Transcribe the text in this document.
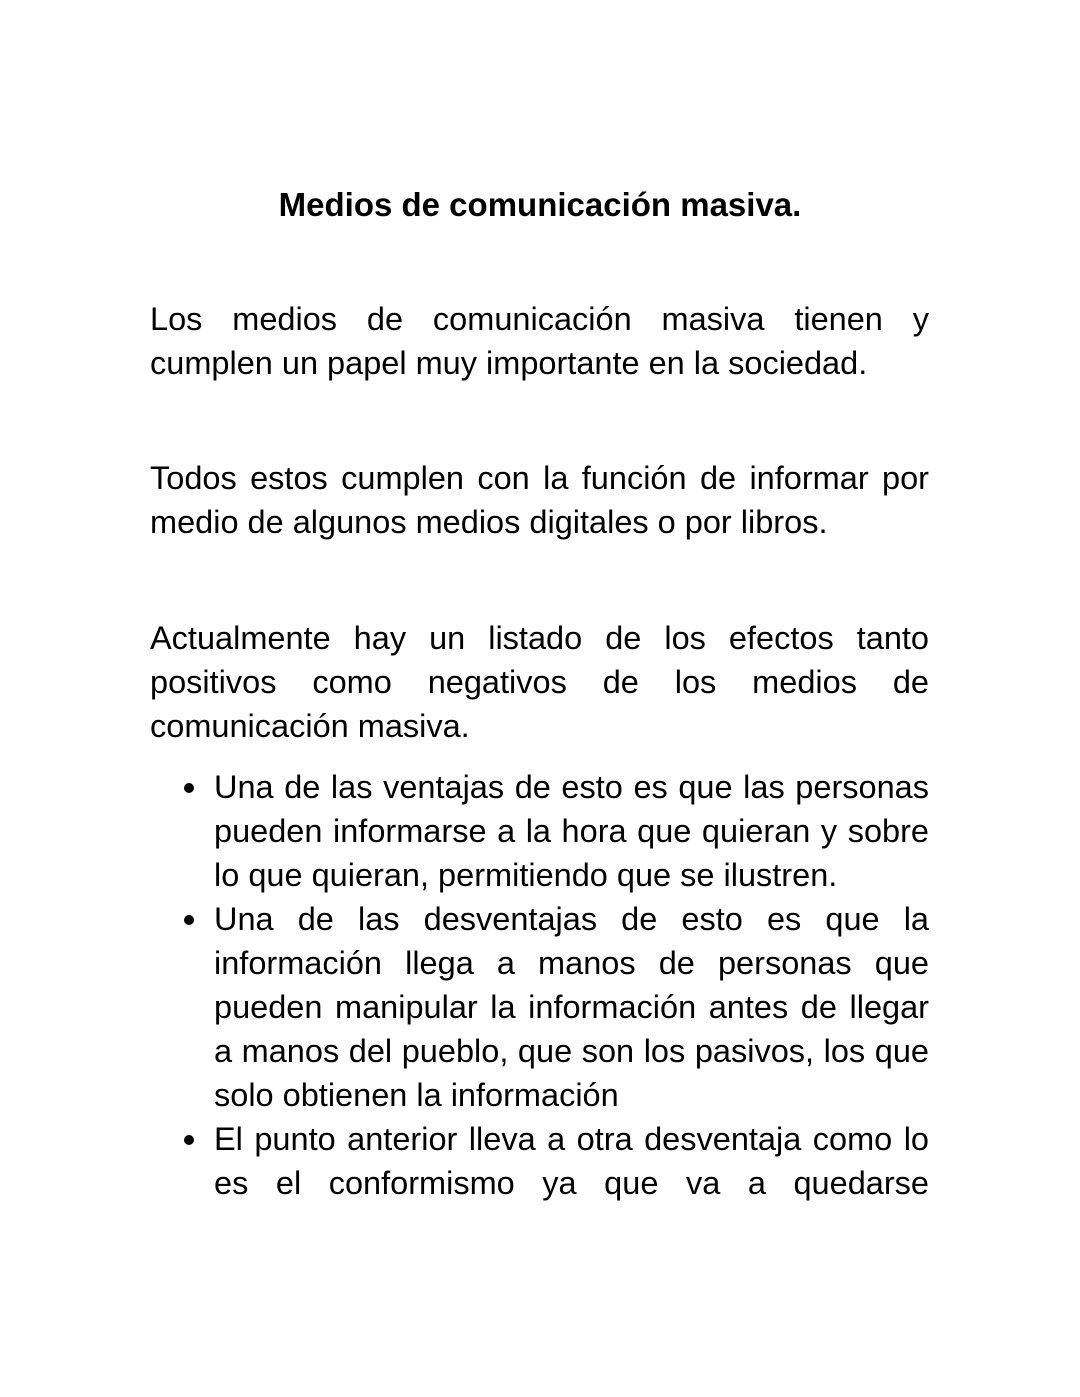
Medios de comunicación masiva.

Los medios de comunicación masiva tienen y cumplen un papel muy importante en la sociedad.

Todos estos cumplen con la función de informar por medio de algunos medios digitales o por libros.

Actualmente hay un listado de los efectos tanto positivos como negativos de los medios de comunicación masiva.

Una de las ventajas de esto es que las personas pueden informarse a la hora que quieran y sobre lo que quieran, permitiendo que se ilustren.
Una de las desventajas de esto es que la información llega a manos de personas que pueden manipular la información antes de llegar a manos del pueblo, que son los pasivos, los que solo obtienen la información
El punto anterior lleva a otra desventaja como lo es el conformismo ya que va a quedarse
